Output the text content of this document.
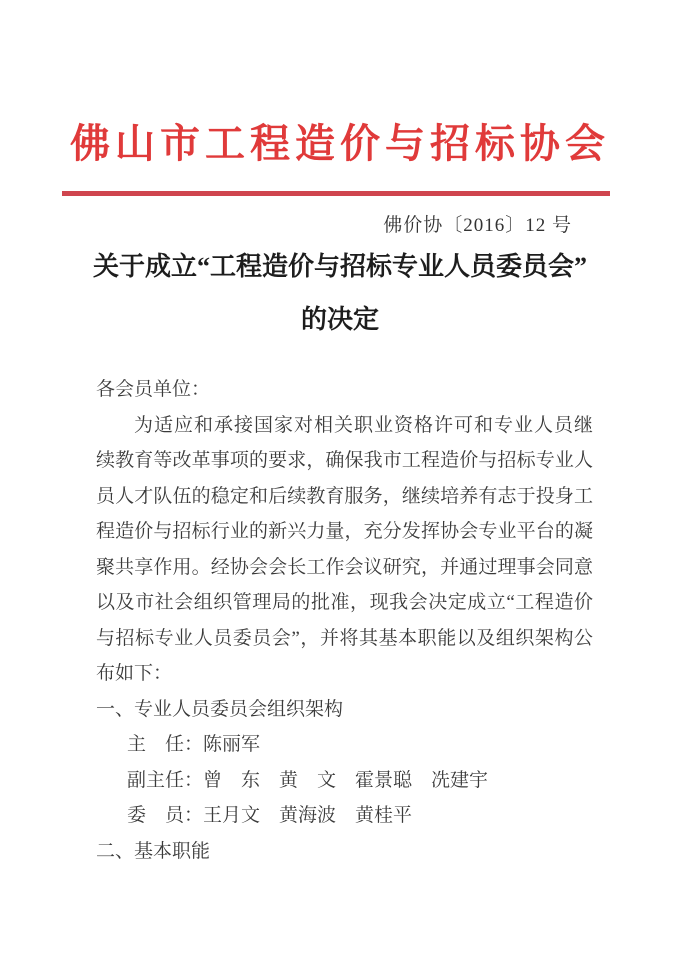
佛山市工程造价与招标协会
佛价协〔2016〕12 号
关于成立“工程造价与招标专业人员委员会”
的决定
各会员单位：
为适应和承接国家对相关职业资格许可和专业人员继
续教育等改革事项的要求，确保我市工程造价与招标专业人
员人才队伍的稳定和后续教育服务，继续培养有志于投身工
程造价与招标行业的新兴力量，充分发挥协会专业平台的凝
聚共享作用。经协会会长工作会议研究，并通过理事会同意
以及市社会组织管理局的批准，现我会决定成立“工程造价
与招标专业人员委员会”，并将其基本职能以及组织架构公
布如下：
一、专业人员委员会组织架构
主　任：陈丽军
副主任：曾　东　黄　文　霍景聪　冼建宇
委　员：王月文　黄海波　黄桂平
二、基本职能
